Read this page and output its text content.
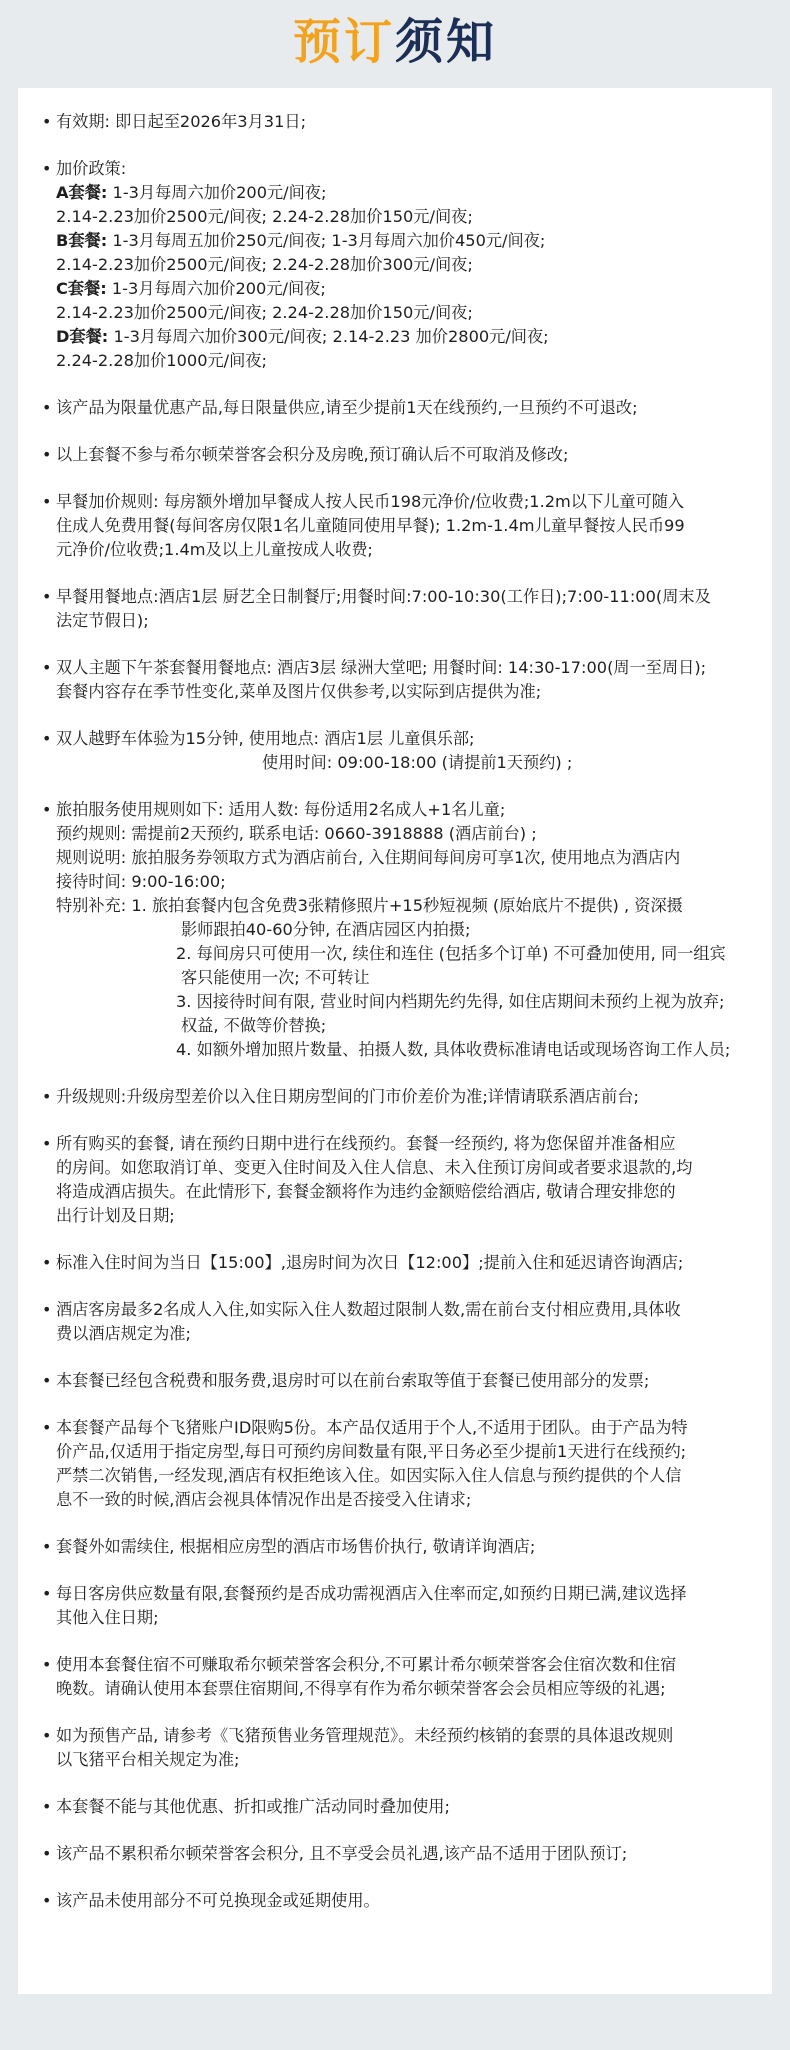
预订须知
• 有效期: 即日起至2026年3月31日;
• 加价政策:
A套餐: 1-3月每周六加价200元/间夜;
2.14-2.23加价2500元/间夜; 2.24-2.28加价150元/间夜;
B套餐: 1-3月每周五加价250元/间夜; 1-3月每周六加价450元/间夜;
2.14-2.23加价2500元/间夜; 2.24-2.28加价300元/间夜;
C套餐: 1-3月每周六加价200元/间夜;
2.14-2.23加价2500元/间夜; 2.24-2.28加价150元/间夜;
D套餐: 1-3月每周六加价300元/间夜; 2.14-2.23 加价2800元/间夜;
2.24-2.28加价1000元/间夜;
• 该产品为限量优惠产品,每日限量供应,请至少提前1天在线预约,一旦预约不可退改;
• 以上套餐不参与希尔顿荣誉客会积分及房晚,预订确认后不可取消及修改;
• 早餐加价规则: 每房额外增加早餐成人按人民币198元净价/位收费;1.2m以下儿童可随入
住成人免费用餐(每间客房仅限1名儿童随同使用早餐); 1.2m-1.4m儿童早餐按人民币99
元净价/位收费;1.4m及以上儿童按成人收费;
• 早餐用餐地点:酒店1层 厨艺全日制餐厅;用餐时间:7:00-10:30(工作日);7:00-11:00(周末及
法定节假日);
• 双人主题下午茶套餐用餐地点: 酒店3层 绿洲大堂吧; 用餐时间: 14:30-17:00(周一至周日);
套餐内容存在季节性变化,菜单及图片仅供参考,以实际到店提供为准;
• 双人越野车体验为15分钟, 使用地点: 酒店1层 儿童俱乐部;
使用时间: 09:00-18:00 (请提前1天预约) ;
• 旅拍服务使用规则如下: 适用人数: 每份适用2名成人+1名儿童;
预约规则: 需提前2天预约, 联系电话: 0660-3918888 (酒店前台) ;
规则说明: 旅拍服务券领取方式为酒店前台, 入住期间每间房可享1次, 使用地点为酒店内
接待时间: 9:00-16:00;
特别补充: 1. 旅拍套餐内包含免费3张精修照片+15秒短视频 (原始底片不提供) , 资深摄
影师跟拍40-60分钟, 在酒店园区内拍摄;
2. 每间房只可使用一次, 续住和连住 (包括多个订单) 不可叠加使用, 同一组宾
客只能使用一次; 不可转让
3. 因接待时间有限, 营业时间内档期先约先得, 如住店期间未预约上视为放弃;
权益, 不做等价替换;
4. 如额外增加照片数量、拍摄人数, 具体收费标准请电话或现场咨询工作人员;
• 升级规则:升级房型差价以入住日期房型间的门市价差价为准;详情请联系酒店前台;
• 所有购买的套餐, 请在预约日期中进行在线预约。套餐一经预约, 将为您保留并准备相应
的房间。如您取消订单、变更入住时间及入住人信息、未入住预订房间或者要求退款的,均
将造成酒店损失。在此情形下, 套餐金额将作为违约金额赔偿给酒店, 敬请合理安排您的
出行计划及日期;
• 标准入住时间为当日【15:00】,退房时间为次日【12:00】;提前入住和延迟请咨询酒店;
• 酒店客房最多2名成人入住,如实际入住人数超过限制人数,需在前台支付相应费用,具体收
费以酒店规定为准;
• 本套餐已经包含税费和服务费,退房时可以在前台索取等值于套餐已使用部分的发票;
• 本套餐产品每个飞猪账户ID限购5份。本产品仅适用于个人,不适用于团队。由于产品为特
价产品,仅适用于指定房型,每日可预约房间数量有限,平日务必至少提前1天进行在线预约;
严禁二次销售,一经发现,酒店有权拒绝该入住。如因实际入住人信息与预约提供的个人信
息不一致的时候,酒店会视具体情况作出是否接受入住请求;
• 套餐外如需续住, 根据相应房型的酒店市场售价执行, 敬请详询酒店;
• 每日客房供应数量有限,套餐预约是否成功需视酒店入住率而定,如预约日期已满,建议选择
其他入住日期;
• 使用本套餐住宿不可赚取希尔顿荣誉客会积分,不可累计希尔顿荣誉客会住宿次数和住宿
晚数。请确认使用本套票住宿期间,不得享有作为希尔顿荣誉客会会员相应等级的礼遇;
• 如为预售产品, 请参考《飞猪预售业务管理规范》。未经预约核销的套票的具体退改规则
以飞猪平台相关规定为准;
• 本套餐不能与其他优惠、折扣或推广活动同时叠加使用;
• 该产品不累积希尔顿荣誉客会积分, 且不享受会员礼遇,该产品不适用于团队预订;
• 该产品未使用部分不可兑换现金或延期使用。
